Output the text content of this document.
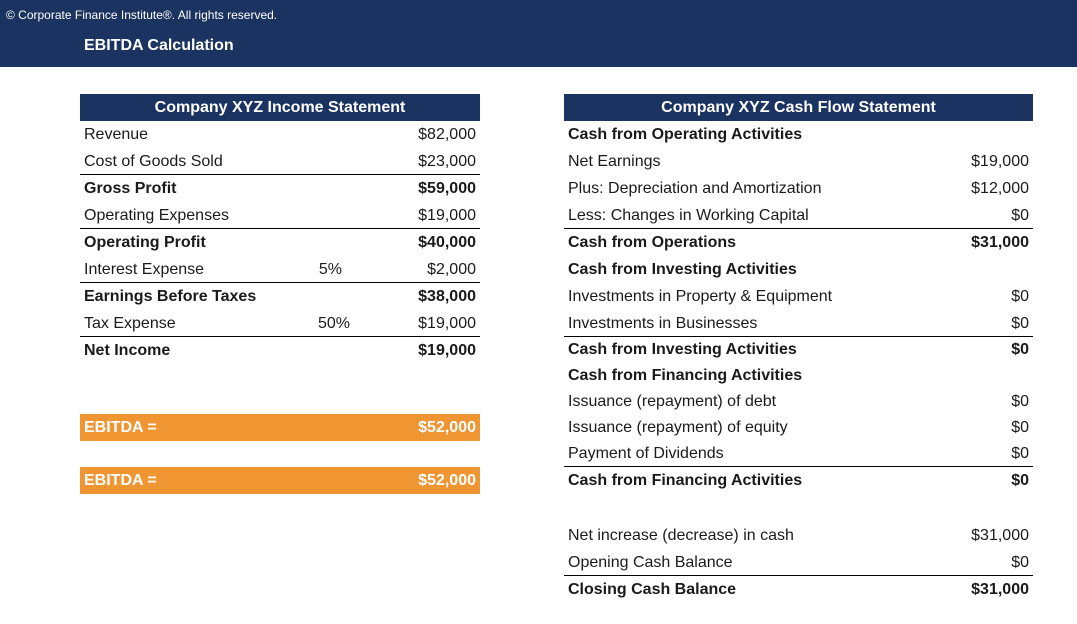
© Corporate Finance Institute®. All rights reserved.
EBITDA Calculation
Company XYZ Income Statement
Revenue	$82,000
Cost of Goods Sold	$23,000
Gross Profit	$59,000
Operating Expenses	$19,000
Operating Profit	$40,000
Interest Expense	5%	$2,000
Earnings Before Taxes	$38,000
Tax Expense	50%	$19,000
Net Income	$19,000
EBITDA =	$52,000
EBITDA =	$52,000
Company XYZ Cash Flow Statement
Cash from Operating Activities
Net Earnings	$19,000
Plus: Depreciation and Amortization	$12,000
Less: Changes in Working Capital	$0
Cash from Operations	$31,000
Cash from Investing Activities
Investments in Property & Equipment	$0
Investments in Businesses	$0
Cash from Investing Activities	$0
Cash from Financing Activities
Issuance (repayment) of debt	$0
Issuance (repayment) of equity	$0
Payment of Dividends	$0
Cash from Financing Activities	$0
Net increase (decrease) in cash	$31,000
Opening Cash Balance	$0
Closing Cash Balance	$31,000
